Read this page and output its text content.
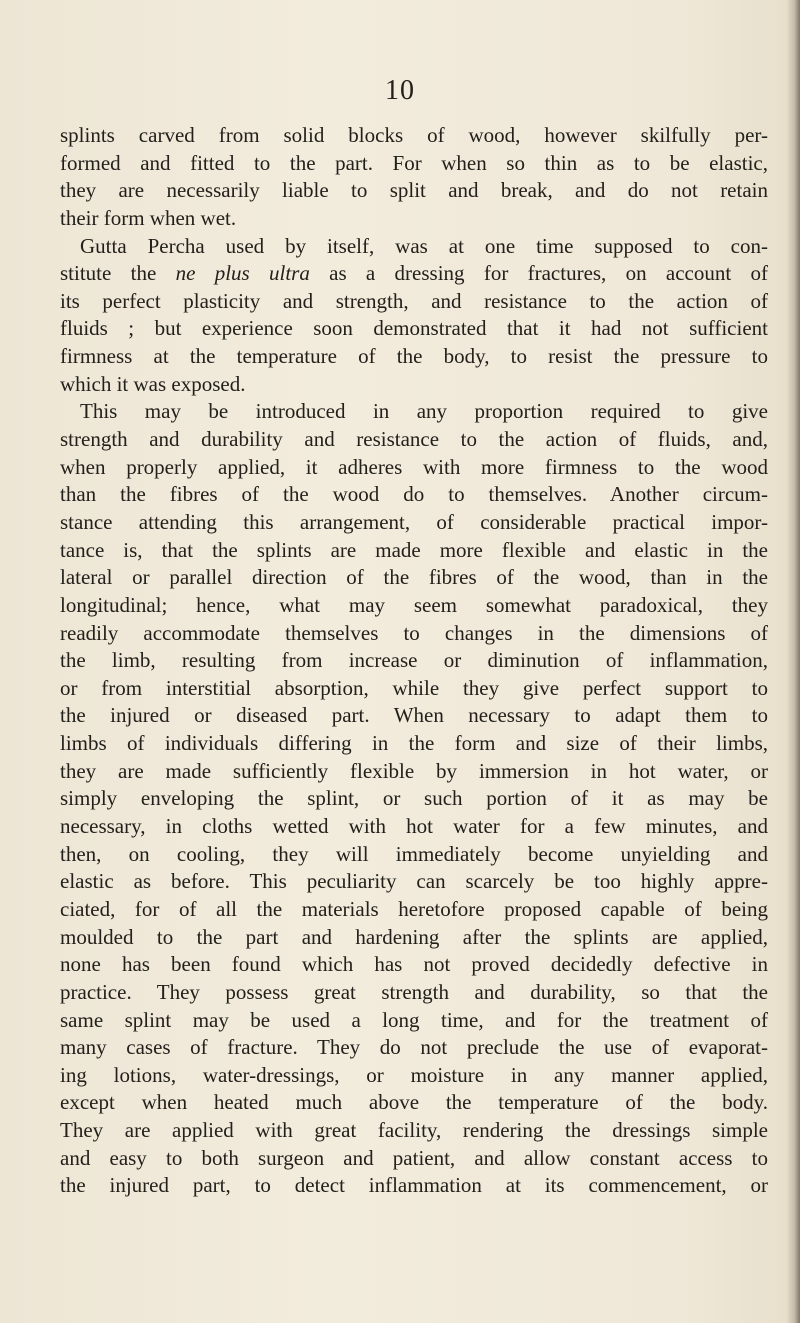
10
splints carved from solid blocks of wood, however skilfully per-
formed and fitted to the part. For when so thin as to be elastic,
they are necessarily liable to split and break, and do not retain
their form when wet.
Gutta Percha used by itself, was at one time supposed to con-
stitute the ne plus ultra as a dressing for fractures, on account of
its perfect plasticity and strength, and resistance to the action of
fluids ; but experience soon demonstrated that it had not sufficient
firmness at the temperature of the body, to resist the pressure to
which it was exposed.
This may be introduced in any proportion required to give
strength and durability and resistance to the action of fluids, and,
when properly applied, it adheres with more firmness to the wood
than the fibres of the wood do to themselves. Another circum-
stance attending this arrangement, of considerable practical impor-
tance is, that the splints are made more flexible and elastic in the
lateral or parallel direction of the fibres of the wood, than in the
longitudinal; hence, what may seem somewhat paradoxical, they
readily accommodate themselves to changes in the dimensions of
the limb, resulting from increase or diminution of inflammation,
or from interstitial absorption, while they give perfect support to
the injured or diseased part. When necessary to adapt them to
limbs of individuals differing in the form and size of their limbs,
they are made sufficiently flexible by immersion in hot water, or
simply enveloping the splint, or such portion of it as may be
necessary, in cloths wetted with hot water for a few minutes, and
then, on cooling, they will immediately become unyielding and
elastic as before. This peculiarity can scarcely be too highly appre-
ciated, for of all the materials heretofore proposed capable of being
moulded to the part and hardening after the splints are applied,
none has been found which has not proved decidedly defective in
practice. They possess great strength and durability, so that the
same splint may be used a long time, and for the treatment of
many cases of fracture. They do not preclude the use of evaporat-
ing lotions, water-dressings, or moisture in any manner applied,
except when heated much above the temperature of the body.
They are applied with great facility, rendering the dressings simple
and easy to both surgeon and patient, and allow constant access to
the injured part, to detect inflammation at its commencement, or
